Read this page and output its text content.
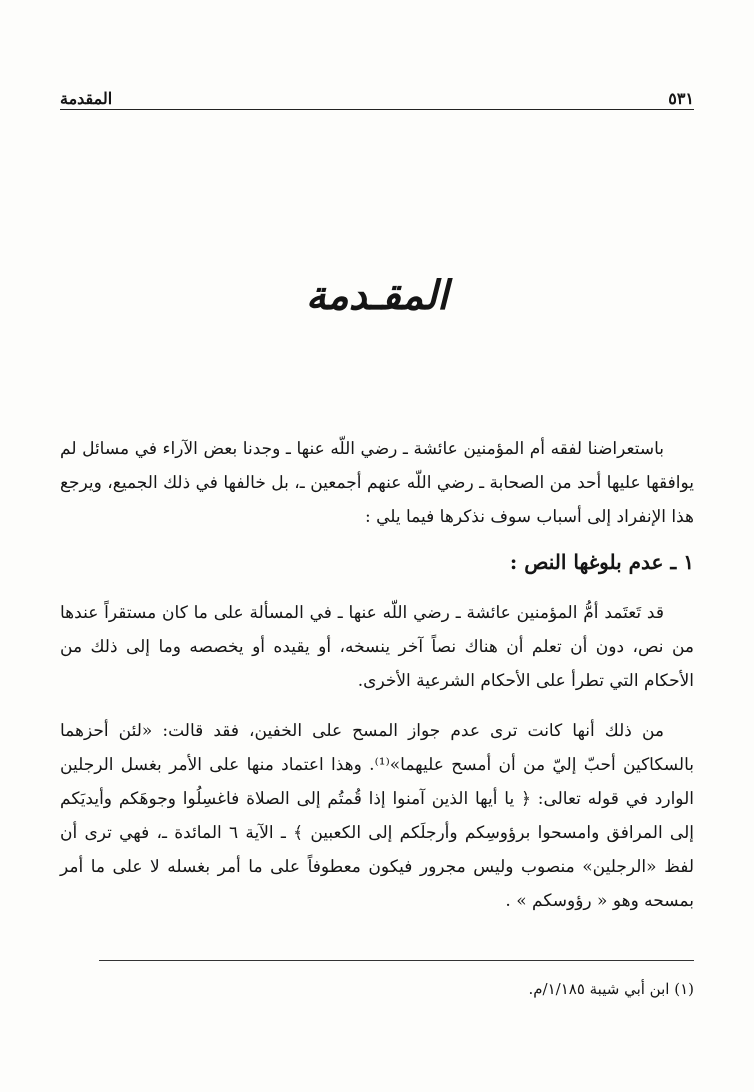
٥٣١
المقدمة
المقـدمة

باستعراضنا لفقه أم المؤمنين عائشة ـ رضي اللّه عنها ـ وجدنا بعض الآراء في مسائل لم يوافقها عليها أحد من الصحابة ـ رضي اللّه عنهم أجمعين ـ، بل خالفها في ذلك الجميع، ويرجع هذا الإنفراد إلى أسباب سوف نذكرها فيما يلي :

١ ـ عدم بلوغها النص :

قد تَعتَمد أمُّ المؤمنين عائشة ـ رضي اللّه عنها ـ في المسألة على ما كان مستقراً عندها من نص، دون أن تعلم أن هناك نصاً آخر ينسخه، أو يقيده أو يخصصه وما إلى ذلك من الأحكام التي تطرأ على الأحكام الشرعية الأخرى.

من ذلك أنها كانت ترى عدم جواز المسح على الخفين، فقد قالت: «لئن أحزهما بالسكاكين أحبّ إليّ من أن أمسح عليهما»⁽¹⁾. وهذا اعتماد منها على الأمر بغسل الرجلين الوارد في قوله تعالى: ﴿ يا أيها الذين آمنوا إذا قُمتُم إلى الصلاة فاغسِلُوا وجوهَكم وأيديَكم إلى المرافق وامسحوا برؤوسِكم وأرجلَكم إلى الكعبين ﴾ ـ الآية ٦ المائدة ـ، فهي ترى أن لفظ «الرجلين» منصوب وليس مجرور فيكون معطوفاً على ما أمر بغسله لا على ما أمر بمسحه وهو « رؤوسكم » .

(١) ابن أبي شيبة ١/١٨٥/م.
